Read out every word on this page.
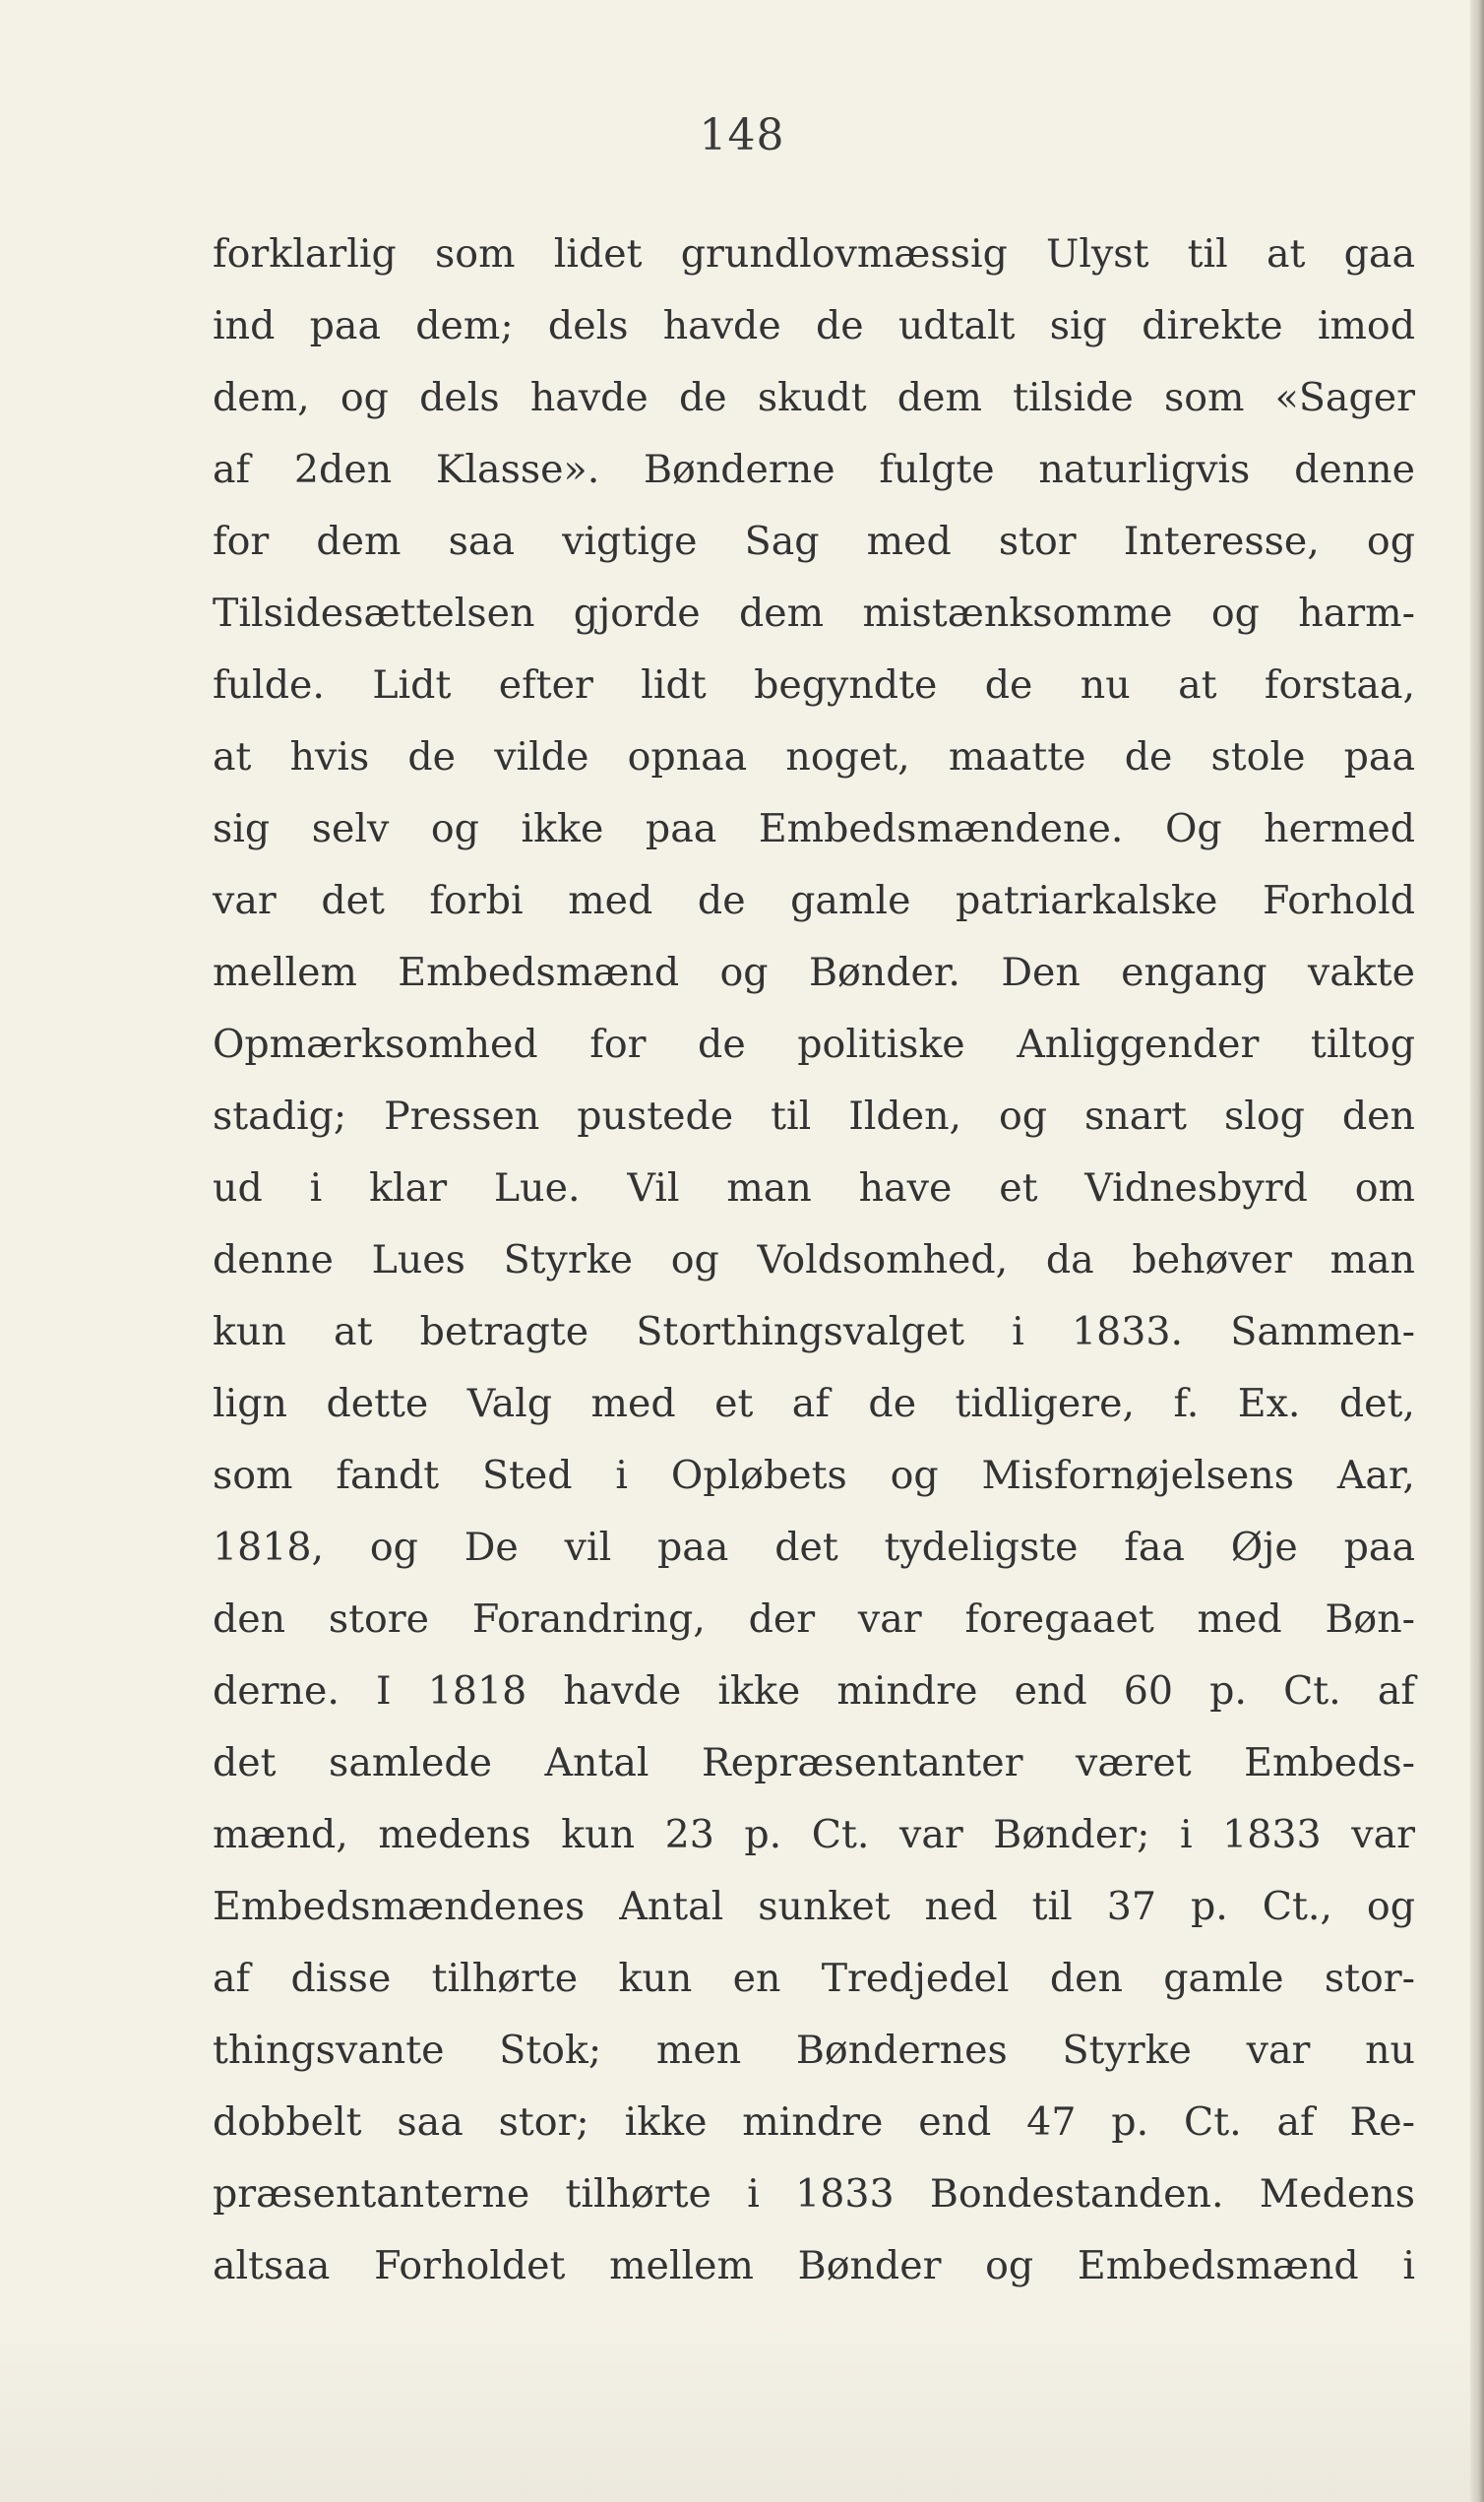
148
forklarlig som lidet grundlovmæssig Ulyst til at gaa
ind paa dem; dels havde de udtalt sig direkte imod
dem, og dels havde de skudt dem tilside som «Sager
af 2den Klasse». Bønderne fulgte naturligvis denne
for dem saa vigtige Sag med stor Interesse, og
Tilsidesættelsen gjorde dem mistænksomme og harm-
fulde. Lidt efter lidt begyndte de nu at forstaa,
at hvis de vilde opnaa noget, maatte de stole paa
sig selv og ikke paa Embedsmændene. Og hermed
var det forbi med de gamle patriarkalske Forhold
mellem Embedsmænd og Bønder. Den engang vakte
Opmærksomhed for de politiske Anliggender tiltog
stadig; Pressen pustede til Ilden, og snart slog den
ud i klar Lue. Vil man have et Vidnesbyrd om
denne Lues Styrke og Voldsomhed, da behøver man
kun at betragte Storthingsvalget i 1833. Sammen-
lign dette Valg med et af de tidligere, f. Ex. det,
som fandt Sted i Opløbets og Misfornøjelsens Aar,
1818, og De vil paa det tydeligste faa Øje paa
den store Forandring, der var foregaaet med Bøn-
derne. I 1818 havde ikke mindre end 60 p. Ct. af
det samlede Antal Repræsentanter været Embeds-
mænd, medens kun 23 p. Ct. var Bønder; i 1833 var
Embedsmændenes Antal sunket ned til 37 p. Ct., og
af disse tilhørte kun en Tredjedel den gamle stor-
thingsvante Stok; men Bøndernes Styrke var nu
dobbelt saa stor; ikke mindre end 47 p. Ct. af Re-
præsentanterne tilhørte i 1833 Bondestanden. Medens
altsaa Forholdet mellem Bønder og Embedsmænd i
